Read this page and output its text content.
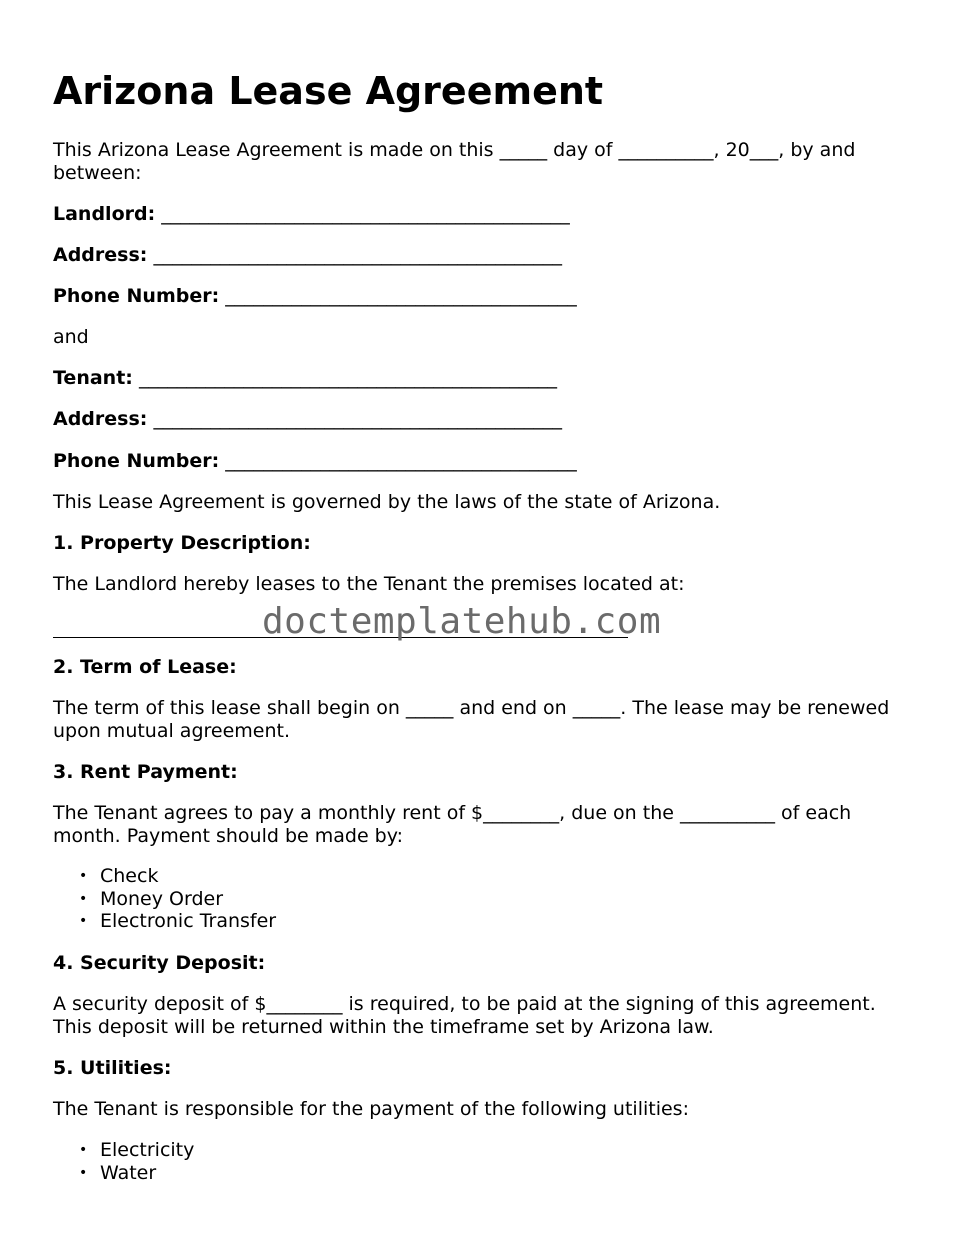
Arizona Lease Agreement

This Arizona Lease Agreement is made on this _____ day of __________, 20___, by and between:

Landlord: ___________________________________________

Address: ___________________________________________

Phone Number: _____________________________________

and

Tenant: ____________________________________________

Address: ___________________________________________

Phone Number: _____________________________________

This Lease Agreement is governed by the laws of the state of Arizona.

1. Property Description:

The Landlord hereby leases to the Tenant the premises located at:

2. Term of Lease:

The term of this lease shall begin on _____ and end on _____. The lease may be renewed upon mutual agreement.

3. Rent Payment:

The Tenant agrees to pay a monthly rent of $________, due on the __________ of each month. Payment should be made by:

• Check
• Money Order
• Electronic Transfer

4. Security Deposit:

A security deposit of $________ is required, to be paid at the signing of this agreement. This deposit will be returned within the timeframe set by Arizona law.

5. Utilities:

The Tenant is responsible for the payment of the following utilities:

• Electricity
• Water
doctemplatehub.com
